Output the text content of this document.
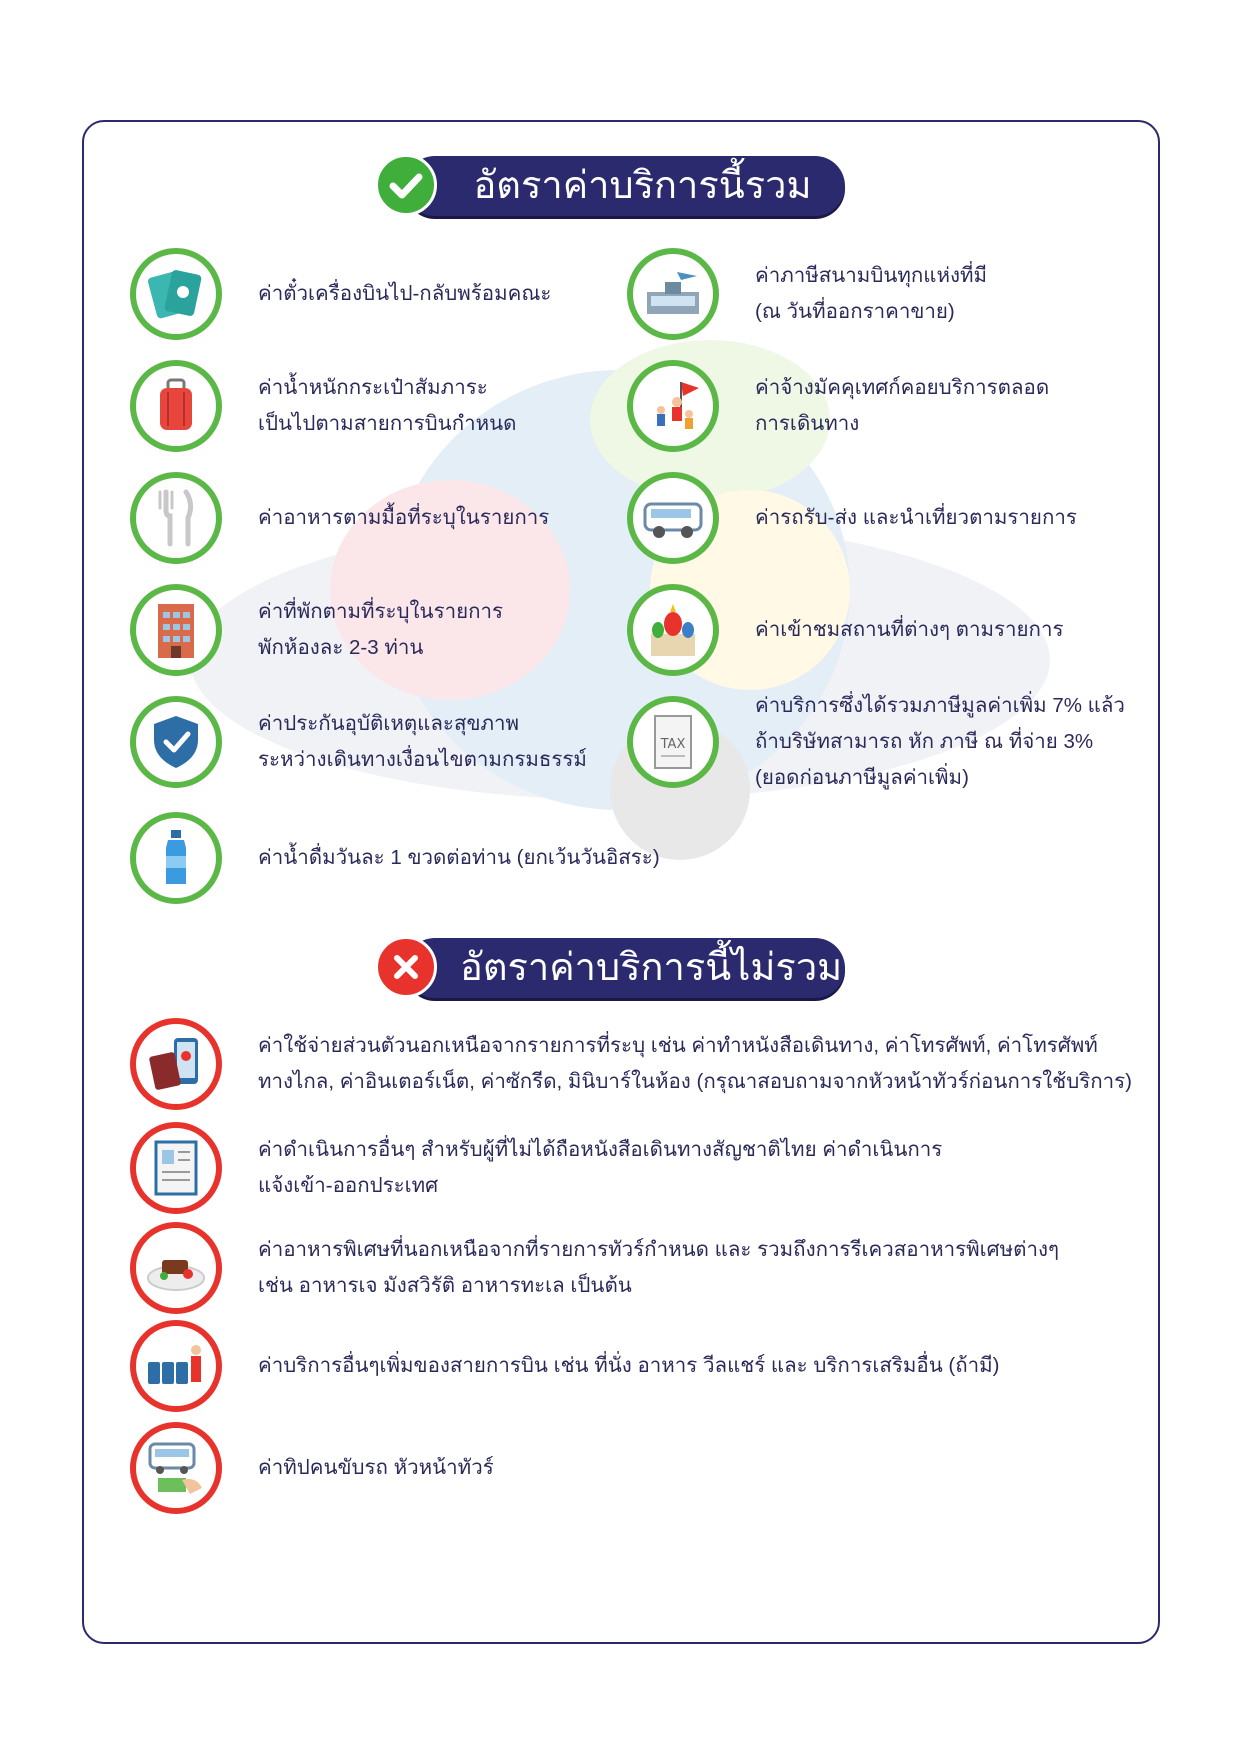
อัตราค่าบริการนี้รวม
ค่าตั๋วเครื่องบินไป-กลับพร้อมคณะ
ค่าภาษีสนามบินทุกแห่งที่มี
(ณ วันที่ออกราคาขาย)
ค่าน้ำหนักกระเป๋าสัมภาระ
เป็นไปตามสายการบินกำหนด
ค่าจ้างมัคคุเทศก์คอยบริการตลอด
การเดินทาง
ค่าอาหารตามมื้อที่ระบุในรายการ	ค่ารถรับ-ส่ง และนำเที่ยวตามรายการ
ค่าที่พักตามที่ระบุในรายการ
พักห้องละ 2-3 ท่าน
ค่าเข้าชมสถานที่ต่างๆ ตามรายการ
ค่าประกันอุบัติเหตุและสุขภาพ
ระหว่างเดินทางเงื่อนไขตามกรมธรรม์
TAX
ค่าบริการซึ่งได้รวมภาษีมูลค่าเพิ่ม 7% แล้ว
ถ้าบริษัทสามารถ หัก ภาษี ณ ที่จ่าย 3%
(ยอดก่อนภาษีมูลค่าเพิ่ม)
ค่าน้ำดื่มวันละ 1 ขวดต่อท่าน (ยกเว้นวันอิสระ)
อัตราค่าบริการนี้ไม่รวม
ค่าใช้จ่ายส่วนตัวนอกเหนือจากรายการที่ระบุ เช่น ค่าทำหนังสือเดินทาง, ค่าโทรศัพท์, ค่าโทรศัพท์
ทางไกล, ค่าอินเตอร์เน็ต, ค่าซักรีด, มินิบาร์ในห้อง (กรุณาสอบถามจากหัวหน้าทัวร์ก่อนการใช้บริการ)
ค่าดำเนินการอื่นๆ สำหรับผู้ที่ไม่ได้ถือหนังสือเดินทางสัญชาติไทย ค่าดำเนินการ
แจ้งเข้า-ออกประเทศ
ค่าอาหารพิเศษที่นอกเหนือจากที่รายการทัวร์กำหนด และ รวมถึงการรีเควสอาหารพิเศษต่างๆ
เช่น อาหารเจ มังสวิรัติ อาหารทะเล เป็นต้น
ค่าบริการอื่นๆเพิ่มของสายการบิน เช่น ที่นั่ง อาหาร วีลแชร์ และ บริการเสริมอื่น (ถ้ามี)
ค่าทิปคนขับรถ หัวหน้าทัวร์
